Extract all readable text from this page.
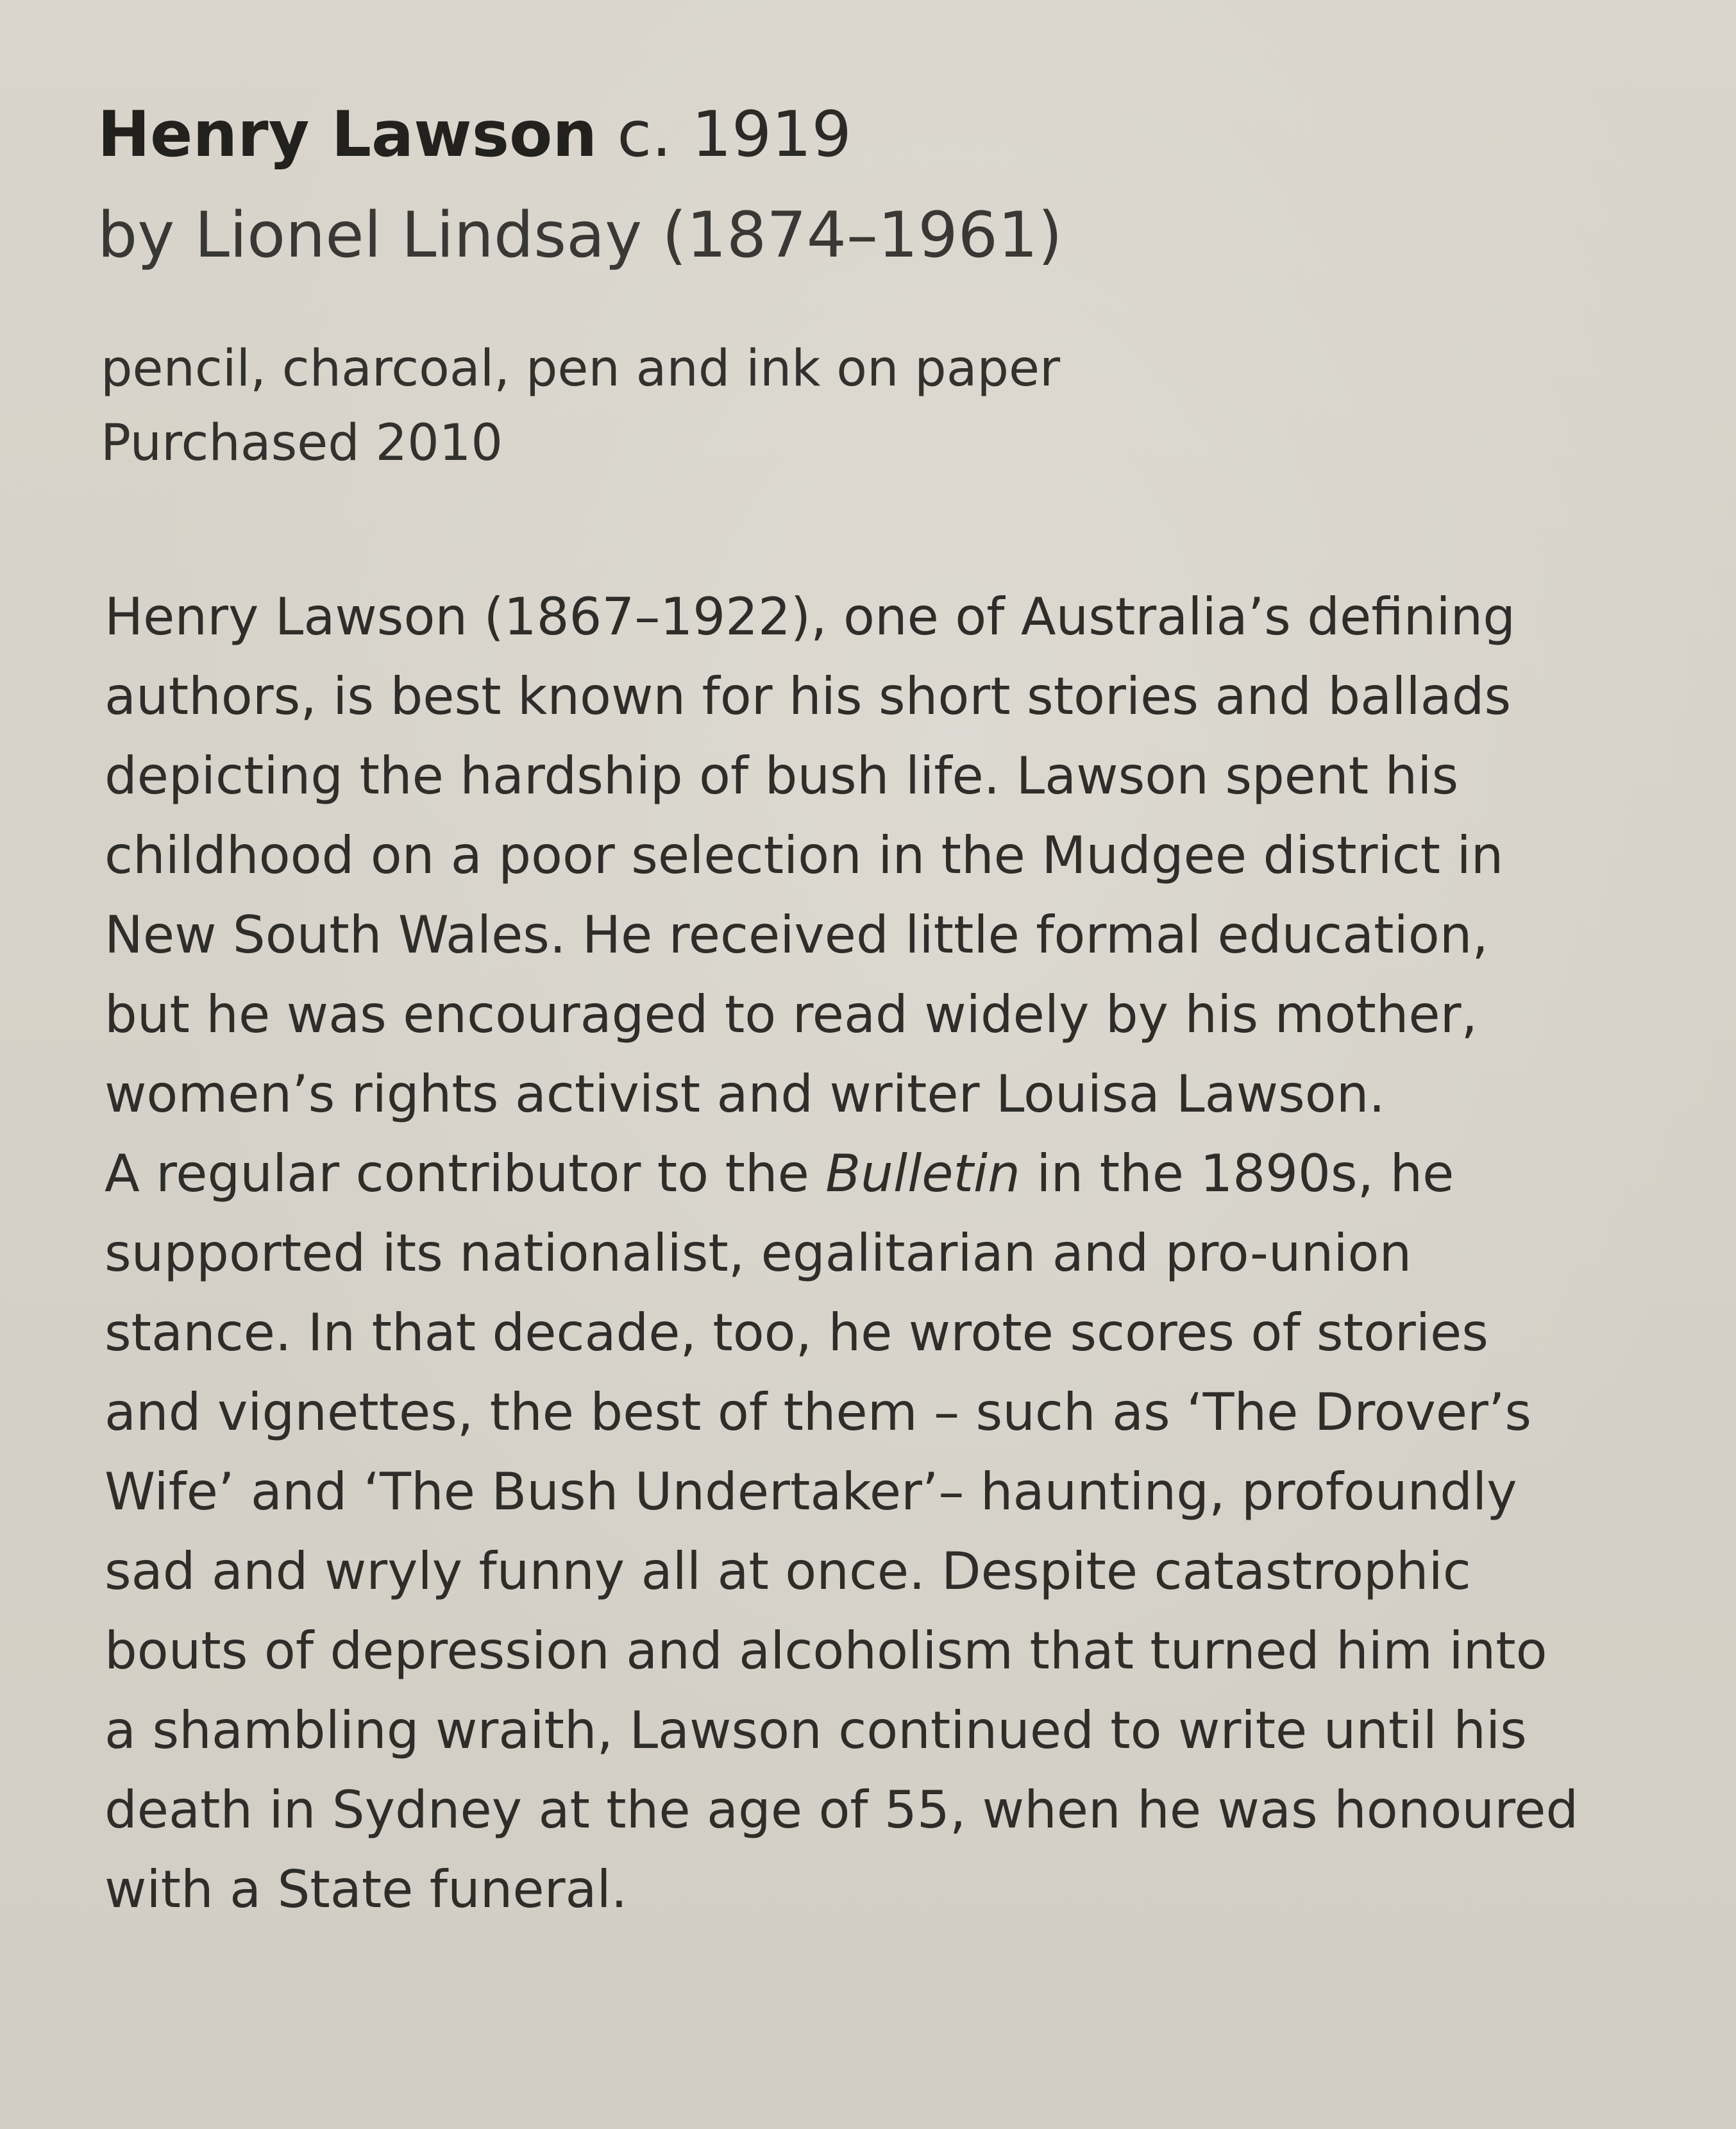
Henry Lawson c. 1919
by Lionel Lindsay (1874–1961)
pencil, charcoal, pen and ink on paper
Purchased 2010
Henry Lawson (1867–1922), one of Australia’s defining
authors, is best known for his short stories and ballads
depicting the hardship of bush life. Lawson spent his
childhood on a poor selection in the Mudgee district in
New South Wales. He received little formal education,
but he was encouraged to read widely by his mother,
women’s rights activist and writer Louisa Lawson.
A regular contributor to the Bulletin in the 1890s, he
supported its nationalist, egalitarian and pro-union
stance. In that decade, too, he wrote scores of stories
and vignettes, the best of them – such as ‘The Drover’s
Wife’ and ‘The Bush Undertaker’– haunting, profoundly
sad and wryly funny all at once. Despite catastrophic
bouts of depression and alcoholism that turned him into
a shambling wraith, Lawson continued to write until his
death in Sydney at the age of 55, when he was honoured
with a State funeral.
